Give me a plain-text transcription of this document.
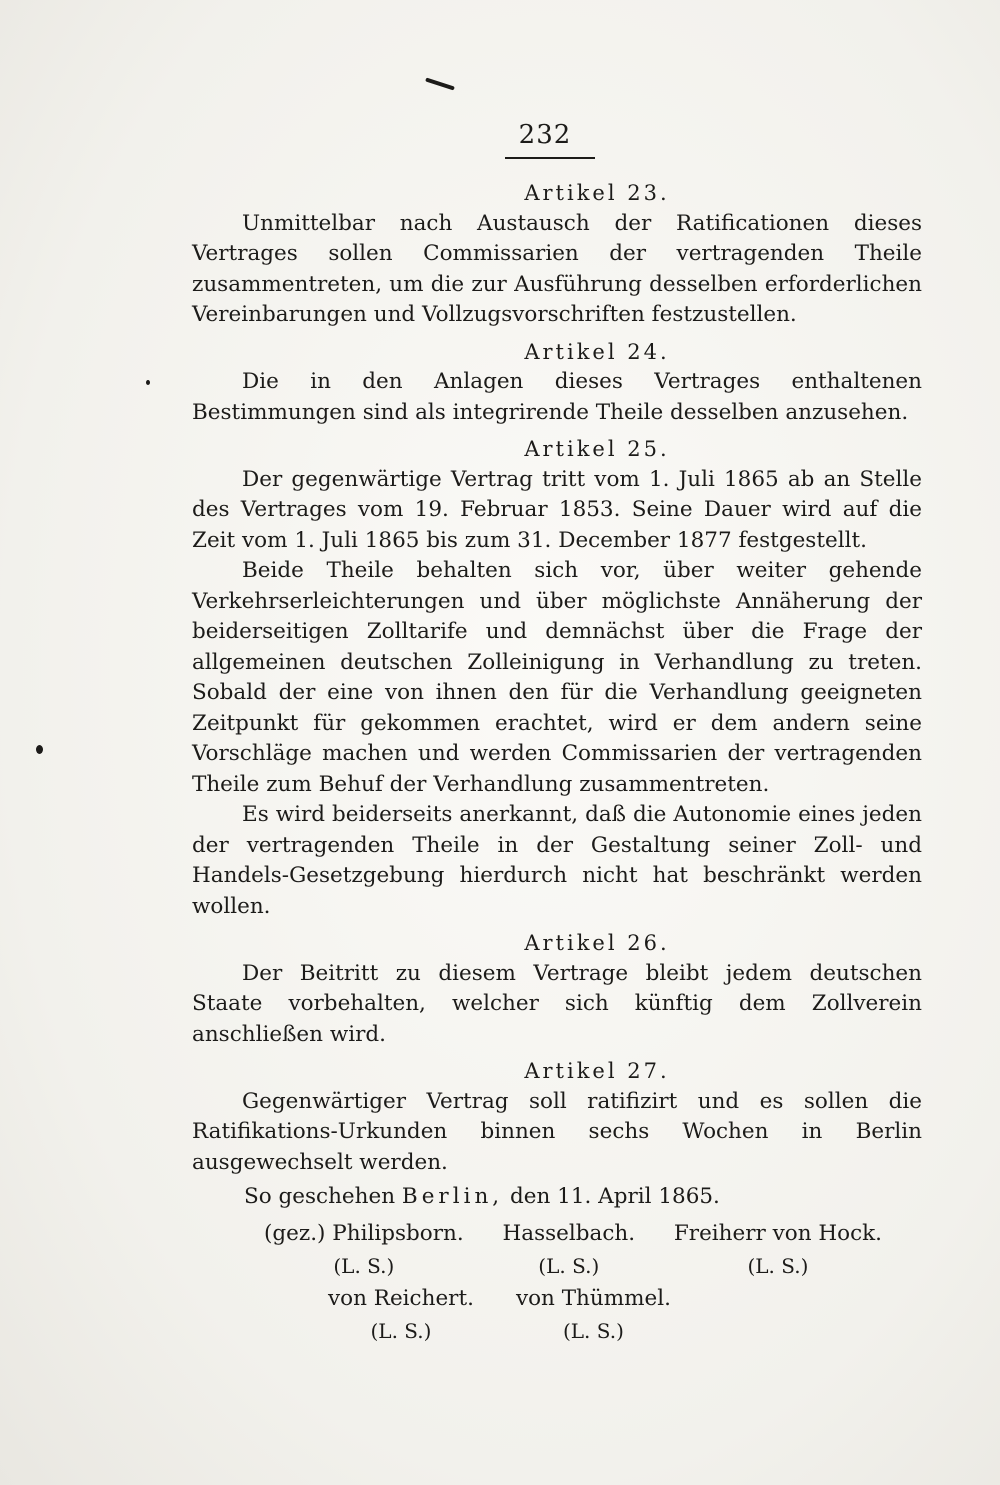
232
Artikel 23.

Unmittelbar nach Austausch der Ratificationen dieses Vertrages sollen Commissarien der vertragenden Theile zusammentreten, um die zur Ausführung desselben erforderlichen Vereinbarungen und Vollzugsvorschriften festzustellen.

Artikel 24.

Die in den Anlagen dieses Vertrages enthaltenen Bestimmungen sind als integrirende Theile desselben anzusehen.

Artikel 25.

Der gegenwärtige Vertrag tritt vom 1. Juli 1865 ab an Stelle des Vertrages vom 19. Februar 1853. Seine Dauer wird auf die Zeit vom 1. Juli 1865 bis zum 31. December 1877 festgestellt.

Beide Theile behalten sich vor, über weiter gehende Verkehrserleichterungen und über möglichste Annäherung der beiderseitigen Zolltarife und demnächst über die Frage der allgemeinen deutschen Zolleinigung in Verhandlung zu treten. Sobald der eine von ihnen den für die Verhandlung geeigneten Zeitpunkt für gekommen erachtet, wird er dem andern seine Vorschläge machen und werden Commissarien der vertragenden Theile zum Behuf der Verhandlung zusammentreten.

Es wird beiderseits anerkannt, daß die Autonomie eines jeden der vertragenden Theile in der Gestaltung seiner Zoll- und Handels-Gesetzgebung hierdurch nicht hat beschränkt werden wollen.

Artikel 26.

Der Beitritt zu diesem Vertrage bleibt jedem deutschen Staate vorbehalten, welcher sich künftig dem Zollverein anschließen wird.

Artikel 27.

Gegenwärtiger Vertrag soll ratifizirt und es sollen die Ratifikations-Urkunden binnen sechs Wochen in Berlin ausgewechselt werden.

So geschehen Berlin, den 11. April 1865.
(gez.) Philipsborn.
(L. S.)
Hasselbach.
(L. S.)
Freiherr von Hock.
(L. S.)
von Reichert.
(L. S.)
von Thümmel.
(L. S.)
